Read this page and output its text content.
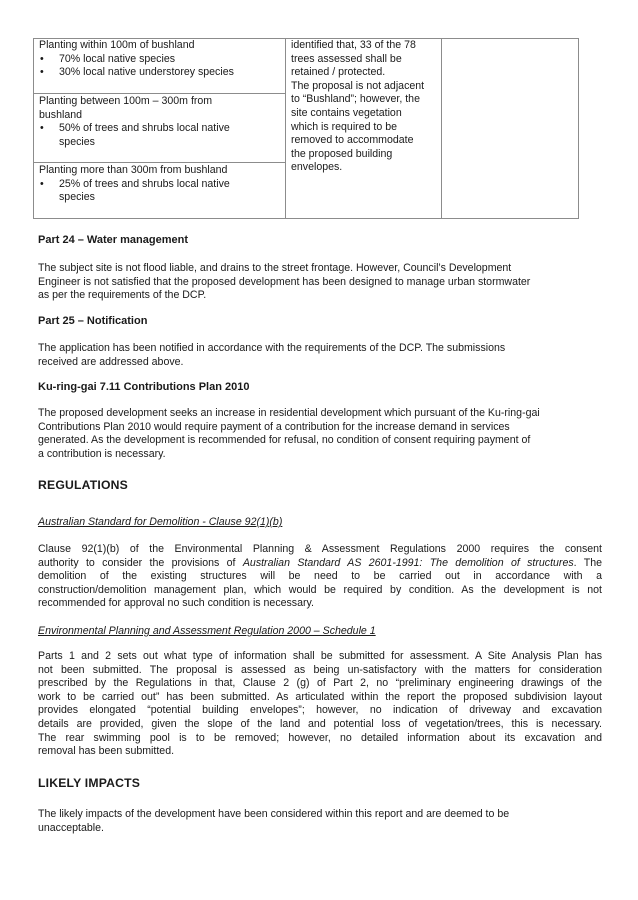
Planting within 100m of bushland

• 70% local native species
• 30% local native understorey species

Planting between 100m – 300m from
bushland

• 50% of trees and shrubs local native
species

Planting more than 300m from bushland

• 25% of trees and shrubs local native
species

identified that, 33 of the 78

trees assessed shall be

retained / protected.

The proposal is not adjacent

to “Bushland”; however, the

site contains vegetation

which is required to be

removed to accommodate

the proposed building

envelopes.

Part 24 – Water management

The subject site is not flood liable, and drains to the street frontage. However, Council’s Development

Engineer is not satisfied that the proposed development has been designed to manage urban stormwater

as per the requirements of the DCP.

Part 25 – Notification

The application has been notified in accordance with the requirements of the DCP. The submissions

received are addressed above.

Ku-ring-gai 7.11 Contributions Plan 2010

The proposed development seeks an increase in residential development which pursuant of the Ku-ring-gai

Contributions Plan 2010 would require payment of a contribution for the increase demand in services

generated. As the development is recommended for refusal, no condition of consent requiring payment of

a contribution is necessary.

REGULATIONS
Australian Standard for Demolition - Clause 92(1)(b)

Clause 92(1)(b) of the Environmental Planning & Assessment Regulations 2000 requires the consent

authority to consider the provisions of Australian Standard AS 2601-1991: The demolition of structures. The

demolition of the existing structures will be need to be carried out in accordance with a

construction/demolition management plan, which would be required by condition. As the development is not

recommended for approval no such condition is necessary.

Environmental Planning and Assessment Regulation 2000 – Schedule 1

Parts 1 and 2 sets out what type of information shall be submitted for assessment. A Site Analysis Plan has

not been submitted. The proposal is assessed as being un-satisfactory with the matters for consideration

prescribed by the Regulations in that, Clause 2 (g) of Part 2, no “preliminary engineering drawings of the

work to be carried out” has been submitted. As articulated within the report the proposed subdivision layout

provides elongated “potential building envelopes”; however, no indication of driveway and excavation

details are provided, given the slope of the land and potential loss of vegetation/trees, this is necessary.

The rear swimming pool is to be removed; however, no detailed information about its excavation and

removal has been submitted.

LIKELY IMPACTS

The likely impacts of the development have been considered within this report and are deemed to be

unacceptable.
